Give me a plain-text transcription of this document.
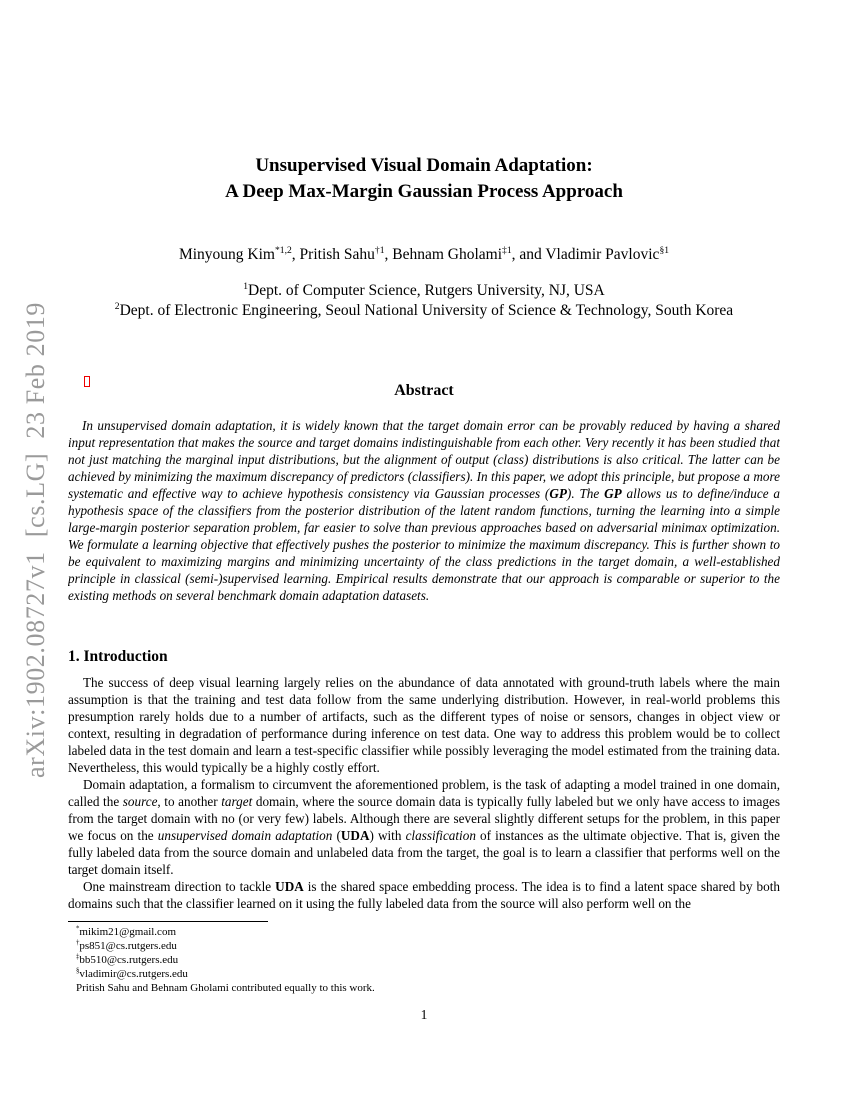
arXiv:1902.08727v1  [cs.LG]  23 Feb 2019
Unsupervised Visual Domain Adaptation:
A Deep Max-Margin Gaussian Process Approach
Minyoung Kim$^{*1,2}$, Pritish Sahu$^{\dagger 1}$, Behnam Gholami$^{\ddagger 1}$, and Vladimir Pavlovic$^{\S 1}$
$^1$Dept. of Computer Science, Rutgers University, NJ, USA
$^2$Dept. of Electronic Engineering, Seoul National University of Science & Technology, South Korea
Abstract
In unsupervised domain adaptation, it is widely known that the target domain error can be provably reduced by having a shared input representation that makes the source and target domains indistinguishable from each other. Very recently it has been studied that not just matching the marginal input distributions, but the alignment of output (class) distributions is also critical. The latter can be achieved by minimizing the maximum discrepancy of predictors (classifiers). In this paper, we adopt this principle, but propose a more systematic and effective way to achieve hypothesis consistency via Gaussian processes (GP). The GP allows us to define/induce a hypothesis space of the classifiers from the posterior distribution of the latent random functions, turning the learning into a simple large-margin posterior separation problem, far easier to solve than previous approaches based on adversarial minimax optimization. We formulate a learning objective that effectively pushes the posterior to minimize the maximum discrepancy. This is further shown to be equivalent to maximizing margins and minimizing uncertainty of the class predictions in the target domain, a well-established principle in classical (semi-)supervised learning. Empirical results demonstrate that our approach is comparable or superior to the existing methods on several benchmark domain adaptation datasets.
1. Introduction

The success of deep visual learning largely relies on the abundance of data annotated with ground-truth labels where the main assumption is that the training and test data follow from the same underlying distribution. However, in real-world problems this presumption rarely holds due to a number of artifacts, such as the different types of noise or sensors, changes in object view or context, resulting in degradation of performance during inference on test data. One way to address this problem would be to collect labeled data in the test domain and learn a test-specific classifier while possibly leveraging the model estimated from the training data. Nevertheless, this would typically be a highly costly effort.

Domain adaptation, a formalism to circumvent the aforementioned problem, is the task of adapting a model trained in one domain, called the source, to another target domain, where the source domain data is typically fully labeled but we only have access to images from the target domain with no (or very few) labels. Although there are several slightly different setups for the problem, in this paper we focus on the unsupervised domain adaptation (UDA) with classification of instances as the ultimate objective. That is, given the fully labeled data from the source domain and unlabeled data from the target, the goal is to learn a classifier that performs well on the target domain itself.

One mainstream direction to tackle UDA is the shared space embedding process. The idea is to find a latent space shared by both domains such that the classifier learned on it using the fully labeled data from the source will also perform well on the

*mikim21@gmail.com
†ps851@cs.rutgers.edu
‡bb510@cs.rutgers.edu
§vladimir@cs.rutgers.edu
Pritish Sahu and Behnam Gholami contributed equally to this work.
1
